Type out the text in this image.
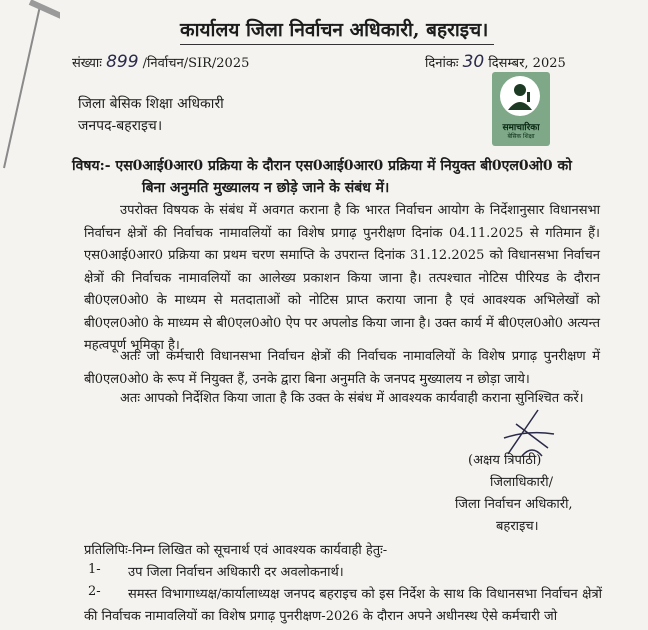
कार्यालय जिला निर्वाचन अधिकारी, बहराइच।
संख्याः 899 /निर्वाचन/SIR/2025	दिनांकः 30 दिसम्बर, 2025
जिला बेसिक शिक्षा अधिकारी
जनपद-बहराइच।	समाचारिका
बेसिक शिक्षा
विषय:- एस0आई0आर0 प्रक्रिया के दौरान एस0आई0आर0 प्रक्रिया में नियुक्त बी0एल0ओ0 को
बिना अनुमति मुख्यालय न छोड़े जाने के संबंध में।
उपरोक्त विषयक के संबंध में अवगत कराना है कि भारत निर्वाचन आयोग के निर्देशानुसार विधानसभा निर्वाचन क्षेत्रों की निर्वाचक नामावलियों का विशेष प्रगाढ़ पुनरीक्षण दिनांक 04.11.2025 से गतिमान हैं। एस0आई0आर0 प्रक्रिया का प्रथम चरण समाप्ति के उपरान्त दिनांक 31.12.2025 को विधानसभा निर्वाचन क्षेत्रों की निर्वाचक नामावलियों का आलेख्य प्रकाशन किया जाना है। तत्पश्चात नोटिस पीरियड के दौरान बी0एल0ओ0 के माध्यम से मतदाताओं को नोटिस प्राप्त कराया जाना है एवं आवश्यक अभिलेखों को बी0एल0ओ0 के माध्यम से बी0एल0ओ0 ऐप पर अपलोड किया जाना है। उक्त कार्य में बी0एल0ओ0 अत्यन्त महत्वपूर्ण भूमिका है।
अतः जो कर्मचारी विधानसभा निर्वाचन क्षेत्रों की निर्वाचक नामावलियों के विशेष प्रगाढ़ पुनरीक्षण में बी0एल0ओ0 के रूप में नियुक्त हैं, उनके द्वारा बिना अनुमति के जनपद मुख्यालय न छोड़ा जाये।
अतः आपको निर्देशित किया जाता है कि उक्त के संबंध में आवश्यक कार्यवाही कराना सुनिश्चित करें।
(अक्षय त्रिपाठी)
जिलाधिकारी/
जिला निर्वाचन अधिकारी,
बहराइच।
प्रतिलिपिः-निम्न लिखित को सूचनार्थ एवं आवश्यक कार्यवाही हेतुः-
1- उप जिला निर्वाचन अधिकारी दर अवलोकनार्थ।
2-	समस्त विभागाध्यक्ष/कार्यालाध्यक्ष जनपद बहराइच को इस निर्देश के साथ कि विधानसभा निर्वाचन क्षेत्रों की निर्वाचक नामावलियों का विशेष प्रगाढ़ पुनरीक्षण-2026 के दौरान अपने अधीनस्थ ऐसे कर्मचारी जो
